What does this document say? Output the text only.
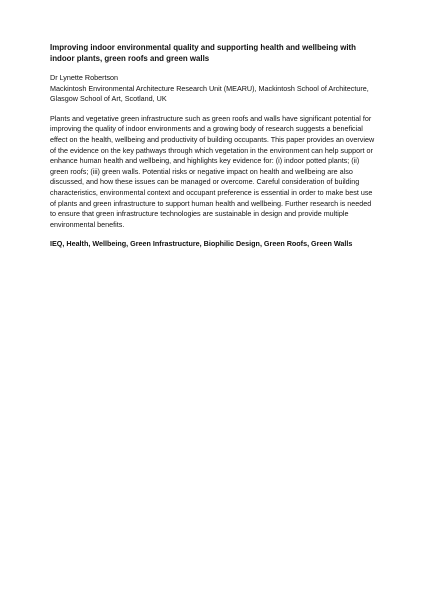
Improving indoor environmental quality and supporting health and wellbeing with indoor plants, green roofs and green walls

Dr Lynette Robertson
Mackintosh Environmental Architecture Research Unit (MEARU), Mackintosh School of Architecture, Glasgow School of Art, Scotland, UK

Plants and vegetative green infrastructure such as green roofs and walls have significant potential for improving the quality of indoor environments and a growing body of research suggests a beneficial effect on the health, wellbeing and productivity of building occupants. This paper provides an overview of the evidence on the key pathways through which vegetation in the environment can help support or enhance human health and wellbeing, and highlights key evidence for: (i) indoor potted plants; (ii) green roofs; (iii) green walls. Potential risks or negative impact on health and wellbeing are also discussed, and how these issues can be managed or overcome. Careful consideration of building characteristics, environmental context and occupant preference is essential in order to make best use of plants and green infrastructure to support human health and wellbeing. Further research is needed to ensure that green infrastructure technologies are sustainable in design and provide multiple environmental benefits.

IEQ, Health, Wellbeing, Green Infrastructure, Biophilic Design, Green Roofs, Green Walls
